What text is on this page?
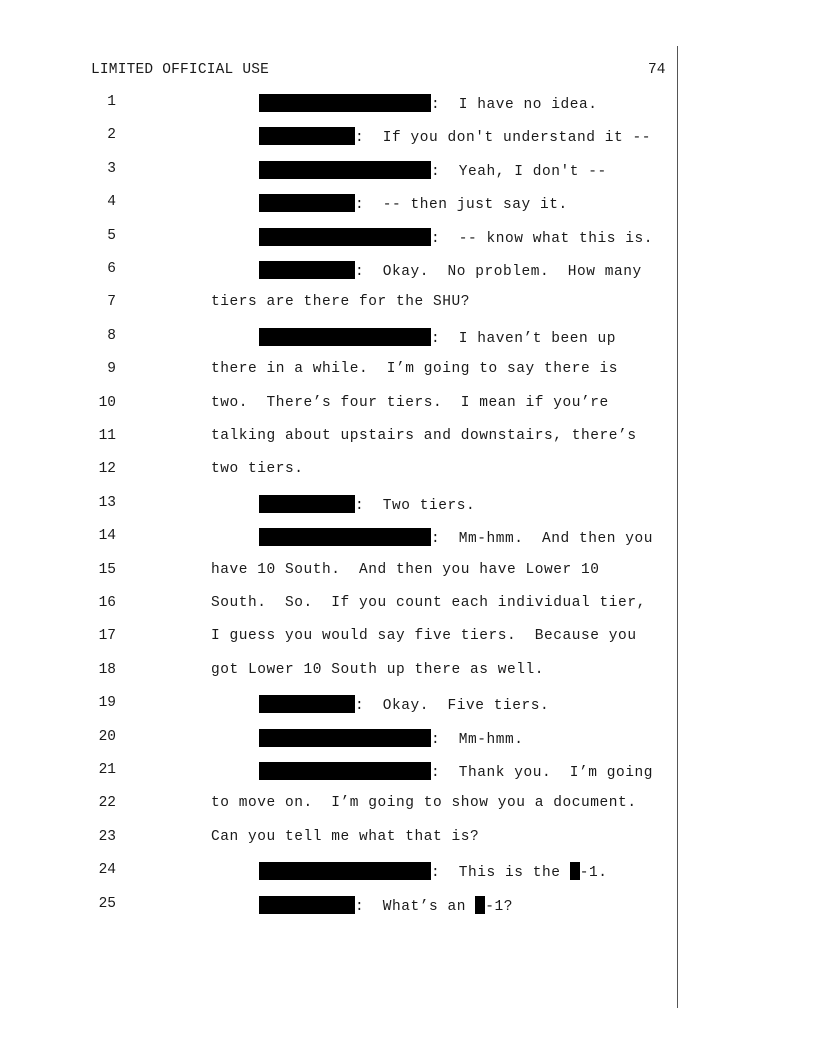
LIMITED OFFICIAL USE	74
1	:  I have no idea.
2	:  If you don't understand it --
3	:  Yeah, I don't --
4	:  -- then just say it.
5	:  -- know what this is.
6	:  Okay.  No problem.  How many
7	tiers are there for the SHU?
8	:  I haven’t been up
9	there in a while.  I’m going to say there is
10	two.  There’s four tiers.  I mean if you’re
11	talking about upstairs and downstairs, there’s
12	two tiers.
13	:  Two tiers.
14	:  Mm-hmm.  And then you
15	have 10 South.  And then you have Lower 10
16	South.  So.  If you count each individual tier,
17	I guess you would say five tiers.  Because you
18	got Lower 10 South up there as well.
19	:  Okay.  Five tiers.
20	:  Mm-hmm.
21	:  Thank you.  I’m going
22	to move on.  I’m going to show you a document.
23	Can you tell me what that is?
24	:  This is the -1.
25	:  What’s an -1?
